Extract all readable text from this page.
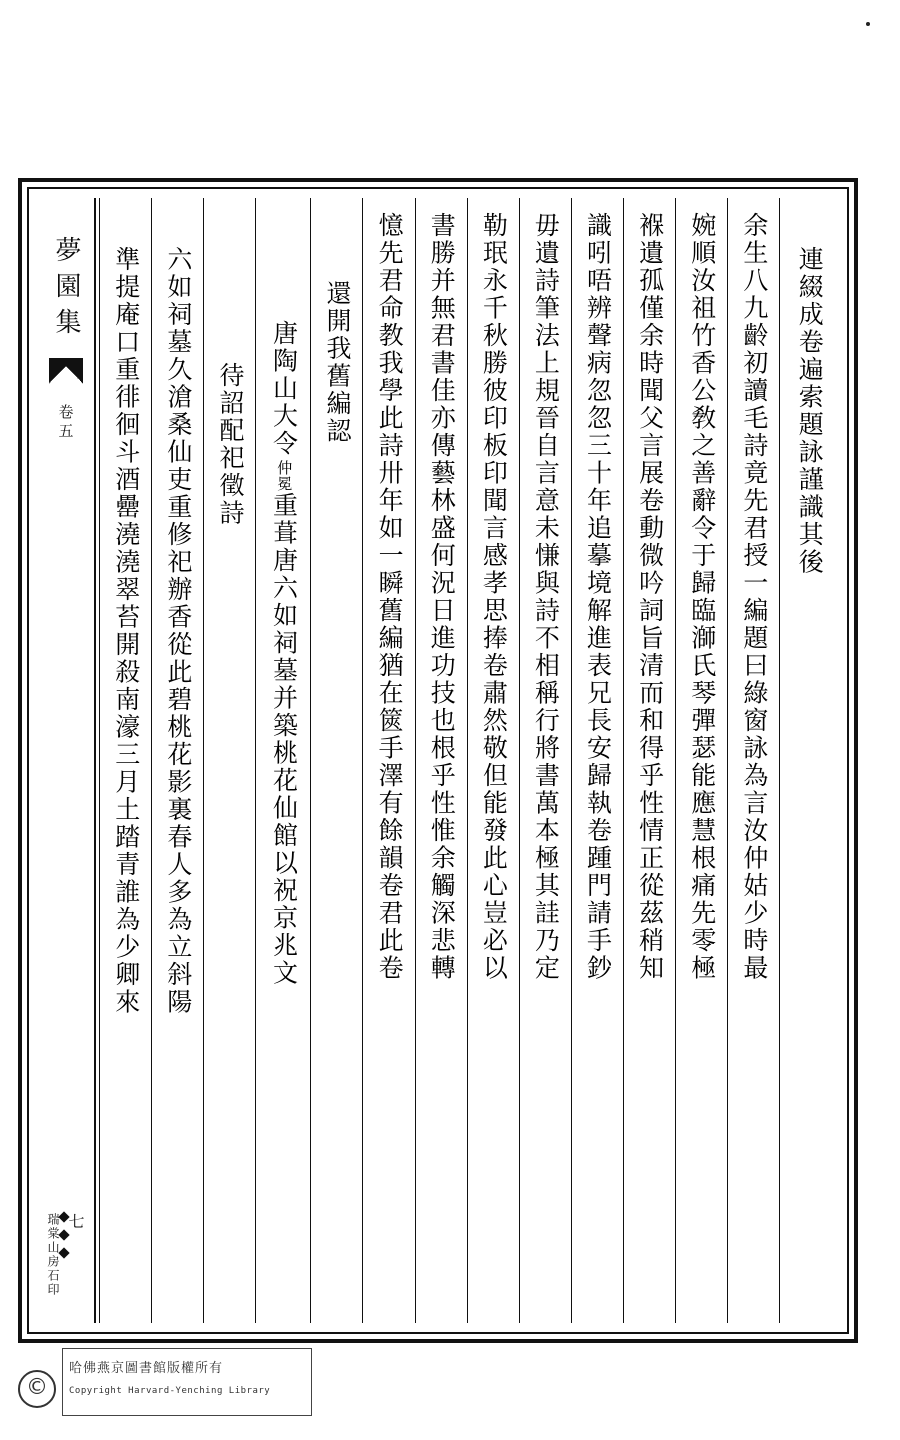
夢園集
卷五
七
瑞棠山房石印
連綴成卷遍索題詠謹識其後
余生八九齡初讀毛詩竟先君授一編題曰綠窗詠為言汝仲姑少時最
婉順汝祖竹香公敎之善辭令于歸臨溮氏琴彈瑟能應慧根痛先零極
褓遺孤僅余時聞父言展卷動微吟詞旨清而和得乎性情正從茲稍知
識吲唔辨聲病忽忽三十年追摹境解進表兄長安歸執卷踵門請手鈔
毋遺詩筆法上規晉自言意未慊與詩不相稱行將書萬本極其詿乃定
勒珉永千秋勝彼印板印聞言感孝思捧卷肅然敬但能發此心豈必以
書勝并無君書佳亦傳藝林盛何況日進功技也根乎性惟余觸深悲轉
憶先君命教我學此詩卅年如一瞬舊編猶在篋手澤有餘韻卷君此卷
還開我舊編認
唐陶山大令
仲冕
重葺唐六如祠墓并築桃花仙館以祝京兆文
待詔配祀徵詩
六如祠墓久滄桑仙吏重修祀辦香從此碧桃花影裏春人多為立斜陽
準提庵口重徘徊斗酒罍澆澆翠苔開殺南濠三月土踏青誰為少卿來
©
哈佛燕京圖書館版權所有
Copyright Harvard-Yenching Library
